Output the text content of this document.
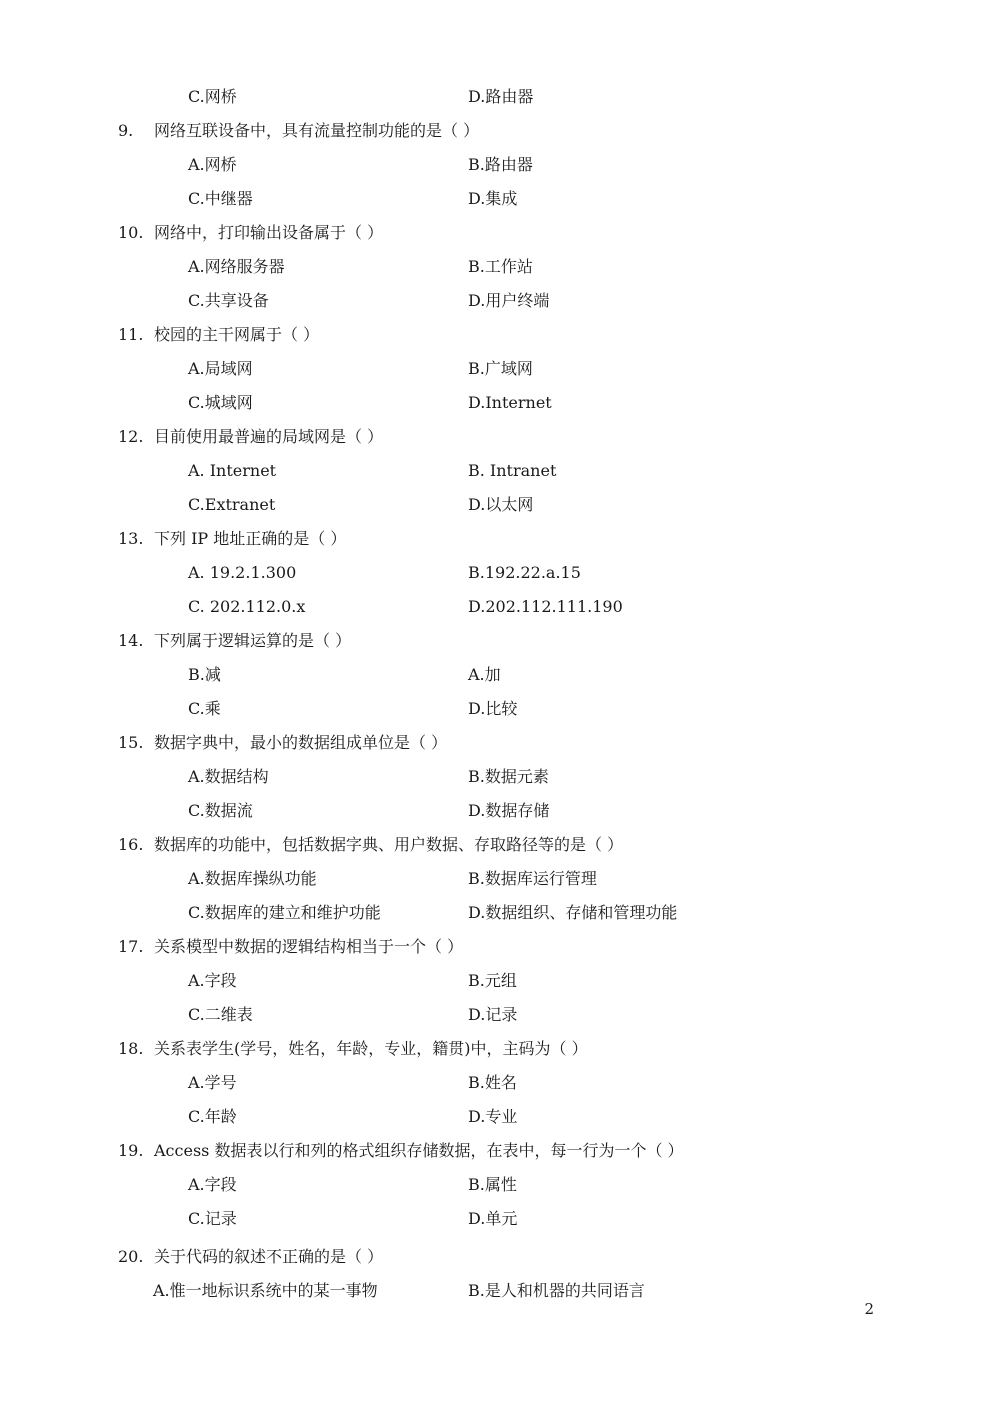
C.网桥	D.路由器
9. 网络互联设备中，具有流量控制功能的是（ ）
A.网桥	B.路由器
C.中继器	D.集成
10. 网络中，打印输出设备属于（ ）
A.网络服务器	B.工作站
C.共享设备	D.用户终端
11. 校园的主干网属于（ ）
A.局域网	B.广域网
C.城域网	D.Internet
12. 目前使用最普遍的局域网是（ ）
A. Internet	B. Intranet
C.Extranet	D.以太网
13. 下列 IP 地址正确的是（ ）
A. 19.2.1.300	B.192.22.a.15
C. 202.112.0.x	D.202.112.111.190
14. 下列属于逻辑运算的是（ ）
B.减	A.加
C.乘	D.比较
15. 数据字典中，最小的数据组成单位是（ ）
A.数据结构	B.数据元素
C.数据流	D.数据存储
16. 数据库的功能中，包括数据字典、用户数据、存取路径等的是（ ）
A.数据库操纵功能	B.数据库运行管理
C.数据库的建立和维护功能	D.数据组织、存储和管理功能
17. 关系模型中数据的逻辑结构相当于一个（ ）
A.字段	B.元组
C.二维表	D.记录
18. 关系表学生(学号，姓名，年龄，专业，籍贯)中，主码为（ ）
A.学号	B.姓名
C.年龄	D.专业
19. Access 数据表以行和列的格式组织存储数据，在表中，每一行为一个（ ）
A.字段	B.属性
C.记录	D.单元
20. 关于代码的叙述不正确的是（ ）
A.惟一地标识系统中的某一事物	B.是人和机器的共同语言
2
